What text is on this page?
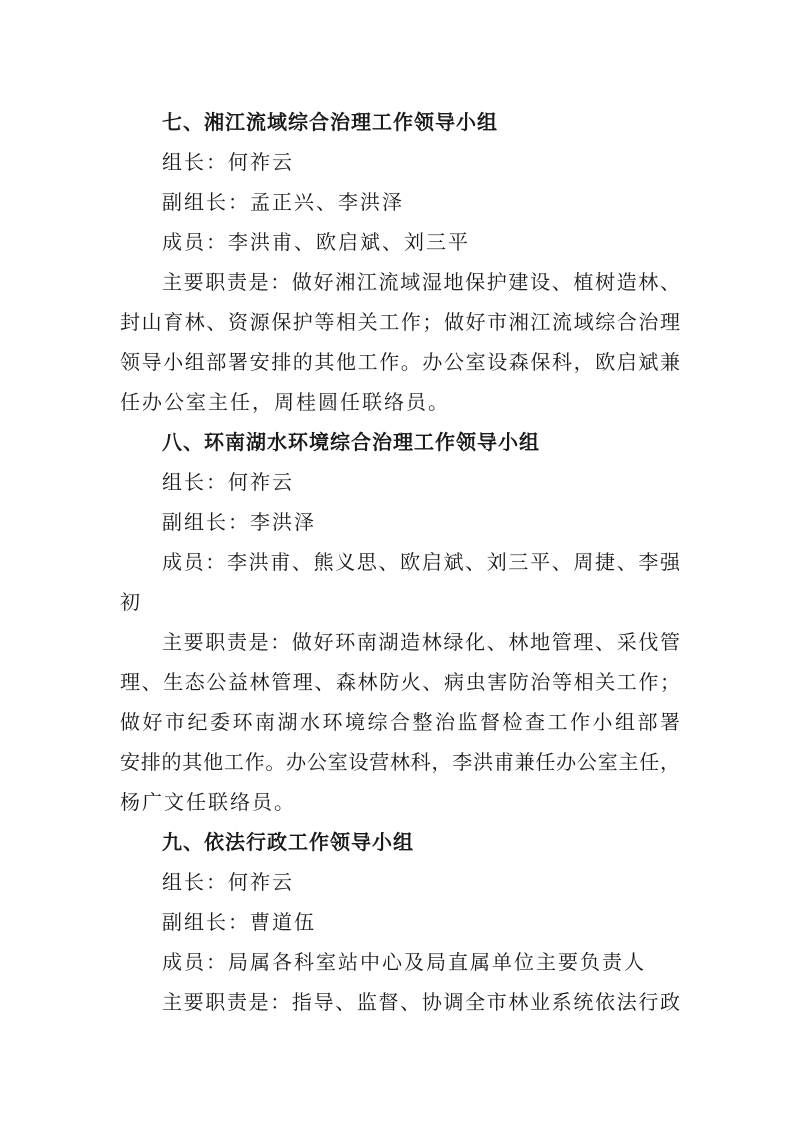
七、湘江流域综合治理工作领导小组
组长：何祚云
副组长：孟正兴、李洪泽
成员：李洪甫、欧启斌、刘三平
主要职责是：做好湘江流域湿地保护建设、植树造林、
封山育林、资源保护等相关工作；做好市湘江流域综合治理
领导小组部署安排的其他工作。办公室设森保科，欧启斌兼
任办公室主任，周桂圆任联络员。
八、环南湖水环境综合治理工作领导小组
组长：何祚云
副组长：李洪泽
成员：李洪甫、熊义思、欧启斌、刘三平、周捷、李强
初
主要职责是：做好环南湖造林绿化、林地管理、采伐管
理、生态公益林管理、森林防火、病虫害防治等相关工作；
做好市纪委环南湖水环境综合整治监督检查工作小组部署
安排的其他工作。办公室设营林科，李洪甫兼任办公室主任，
杨广文任联络员。
九、依法行政工作领导小组
组长：何祚云
副组长：曹道伍
成员：局属各科室站中心及局直属单位主要负责人
主要职责是：指导、监督、协调全市林业系统依法行政
